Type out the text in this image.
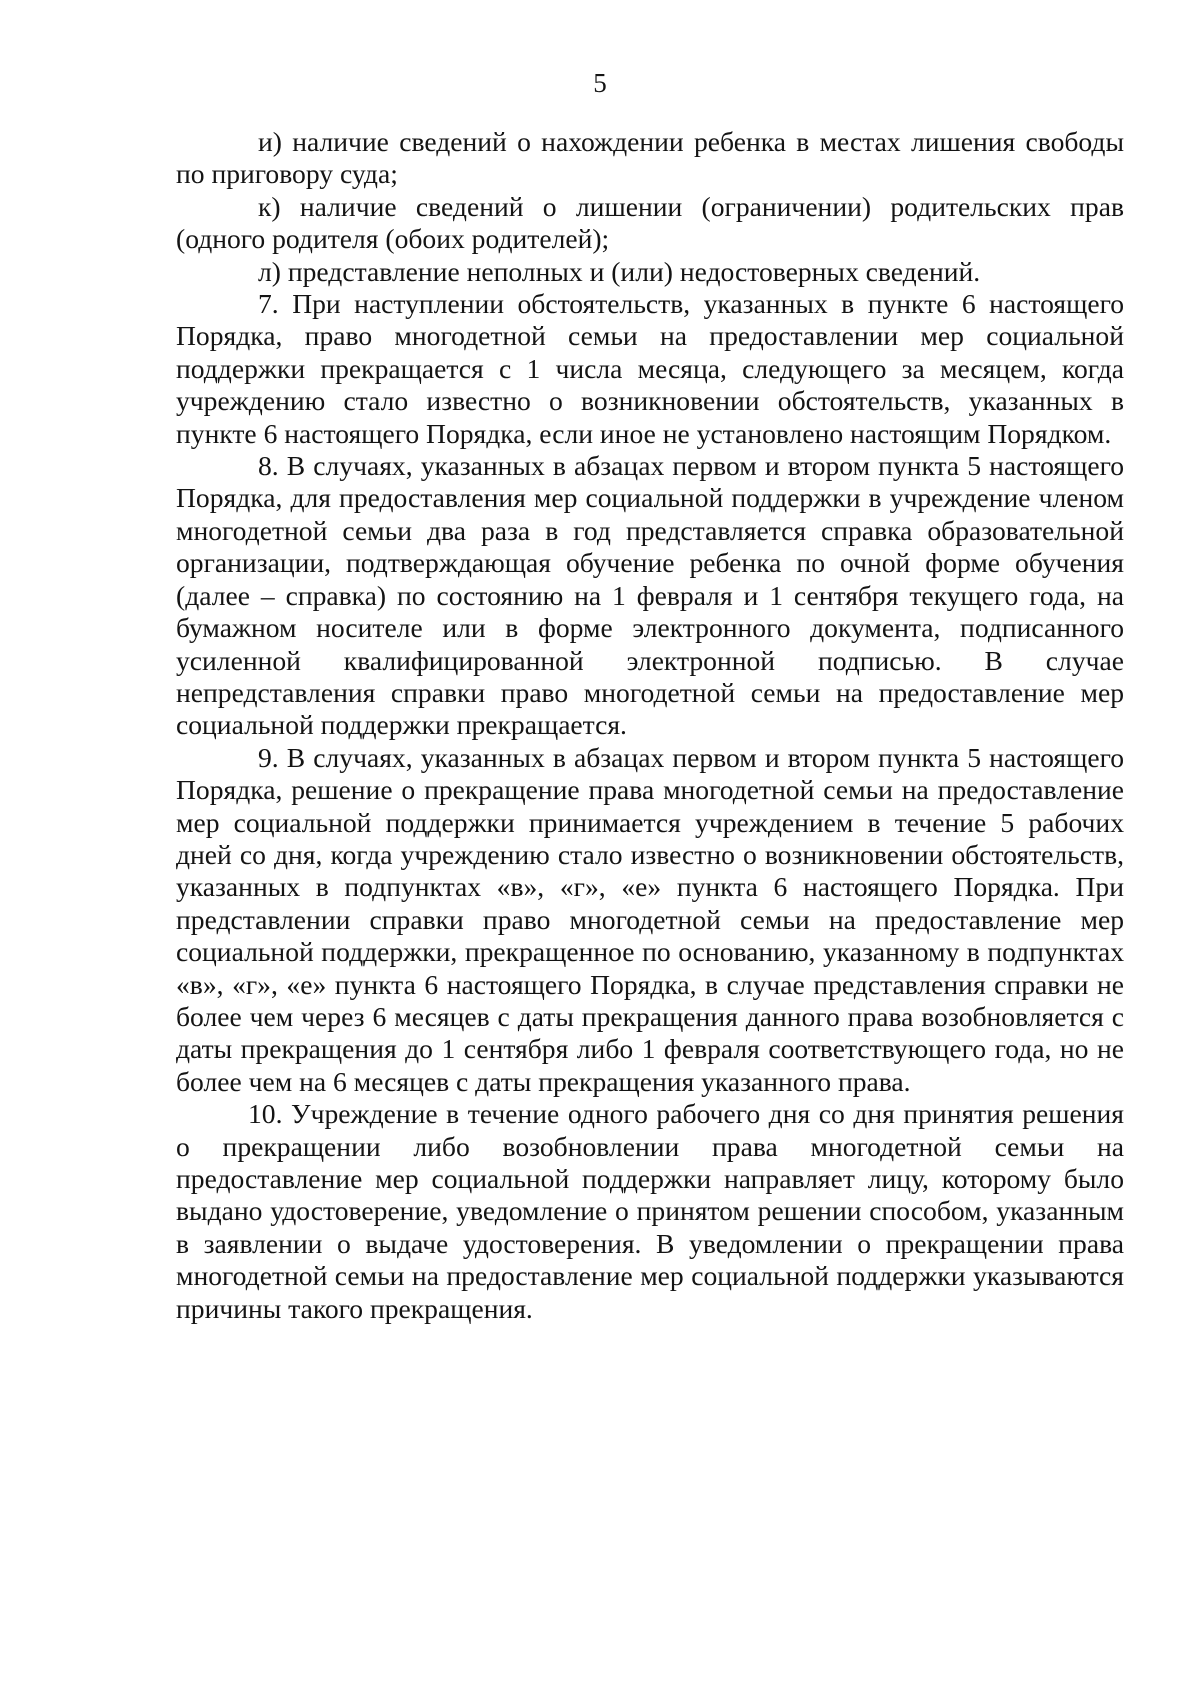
5

и) наличие сведений о нахождении ребенка в местах лишения свободы по приговору суда;

к) наличие сведений о лишении (ограничении) родительских прав (одного родителя (обоих родителей);

л) представление неполных и (или) недостоверных сведений.

7. При наступлении обстоятельств, указанных в пункте 6 настоящего Порядка, право многодетной семьи на предоставлении мер социальной поддержки прекращается с 1 числа месяца, следующего за месяцем, когда учреждению стало известно о возникновении обстоятельств, указанных в пункте 6 настоящего Порядка, если иное не установлено настоящим Порядком.

8. В случаях, указанных в абзацах первом и втором пункта 5 настоящего Порядка, для предоставления мер социальной поддержки в учреждение членом многодетной семьи два раза в год представляется справка образовательной организации, подтверждающая обучение ребенка по очной форме обучения (далее – справка) по состоянию на 1 февраля и 1 сентября текущего года, на бумажном носителе или в форме электронного документа, подписанного усиленной квалифицированной электронной подписью. В случае непредставления справки право многодетной семьи на предоставление мер социальной поддержки прекращается.

9. В случаях, указанных в абзацах первом и втором пункта 5 настоящего Порядка, решение о прекращение права многодетной семьи на предоставление мер социальной поддержки принимается учреждением в течение 5 рабочих дней со дня, когда учреждению стало известно о возникновении обстоятельств, указанных в подпунктах «в», «г», «е» пункта 6 настоящего Порядка. При представлении справки право многодетной семьи на предоставление мер социальной поддержки, прекращенное по основанию, указанному в подпунктах «в», «г», «е» пункта 6 настоящего Порядка, в случае представления справки не более чем через 6 месяцев с даты прекращения данного права возобновляется с даты прекращения до 1 сентября либо 1 февраля соответствующего года, но не более чем на 6 месяцев с даты прекращения указанного права.

10. Учреждение в течение одного рабочего дня со дня принятия решения о прекращении либо возобновлении права многодетной семьи на предоставление мер социальной поддержки направляет лицу, которому было выдано удостоверение, уведомление о принятом решении способом, указанным в заявлении о выдаче удостоверения. В уведомлении о прекращении права многодетной семьи на предоставление мер социальной поддержки указываются причины такого прекращения.
